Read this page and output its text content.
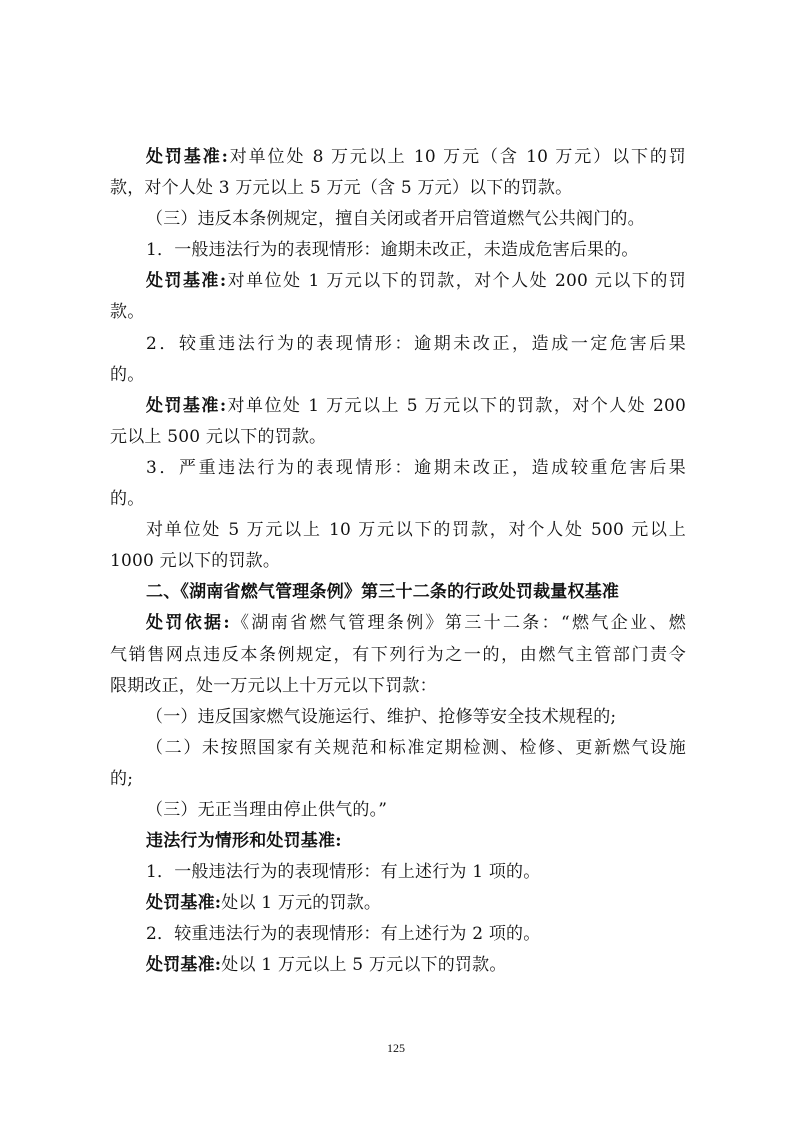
处罚基准:对单位处 8 万元以上 10 万元（含 10 万元）以下的罚
款，对个人处 3 万元以上 5 万元（含 5 万元）以下的罚款。
（三）违反本条例规定，擅自关闭或者开启管道燃气公共阀门的。
1．一般违法行为的表现情形：逾期未改正，未造成危害后果的。
处罚基准:对单位处 1 万元以下的罚款，对个人处 200 元以下的罚
款。
2．较重违法行为的表现情形：逾期未改正，造成一定危害后果
的。
处罚基准:对单位处 1 万元以上 5 万元以下的罚款，对个人处 200
元以上 500 元以下的罚款。
3．严重违法行为的表现情形：逾期未改正，造成较重危害后果
的。
对单位处 5 万元以上 10 万元以下的罚款，对个人处 500 元以上
1000 元以下的罚款。
二、《湖南省燃气管理条例》第三十二条的行政处罚裁量权基准
处罚依据:《湖南省燃气管理条例》第三十二条：“燃气企业、燃
气销售网点违反本条例规定，有下列行为之一的，由燃气主管部门责令
限期改正，处一万元以上十万元以下罚款：
（一）违反国家燃气设施运行、维护、抢修等安全技术规程的;
（二）未按照国家有关规范和标准定期检测、检修、更新燃气设施
的;
（三）无正当理由停止供气的。”
违法行为情形和处罚基准:
1．一般违法行为的表现情形：有上述行为 1 项的。
处罚基准:处以 1 万元的罚款。
2．较重违法行为的表现情形：有上述行为 2 项的。
处罚基准:处以 1 万元以上 5 万元以下的罚款。
125
